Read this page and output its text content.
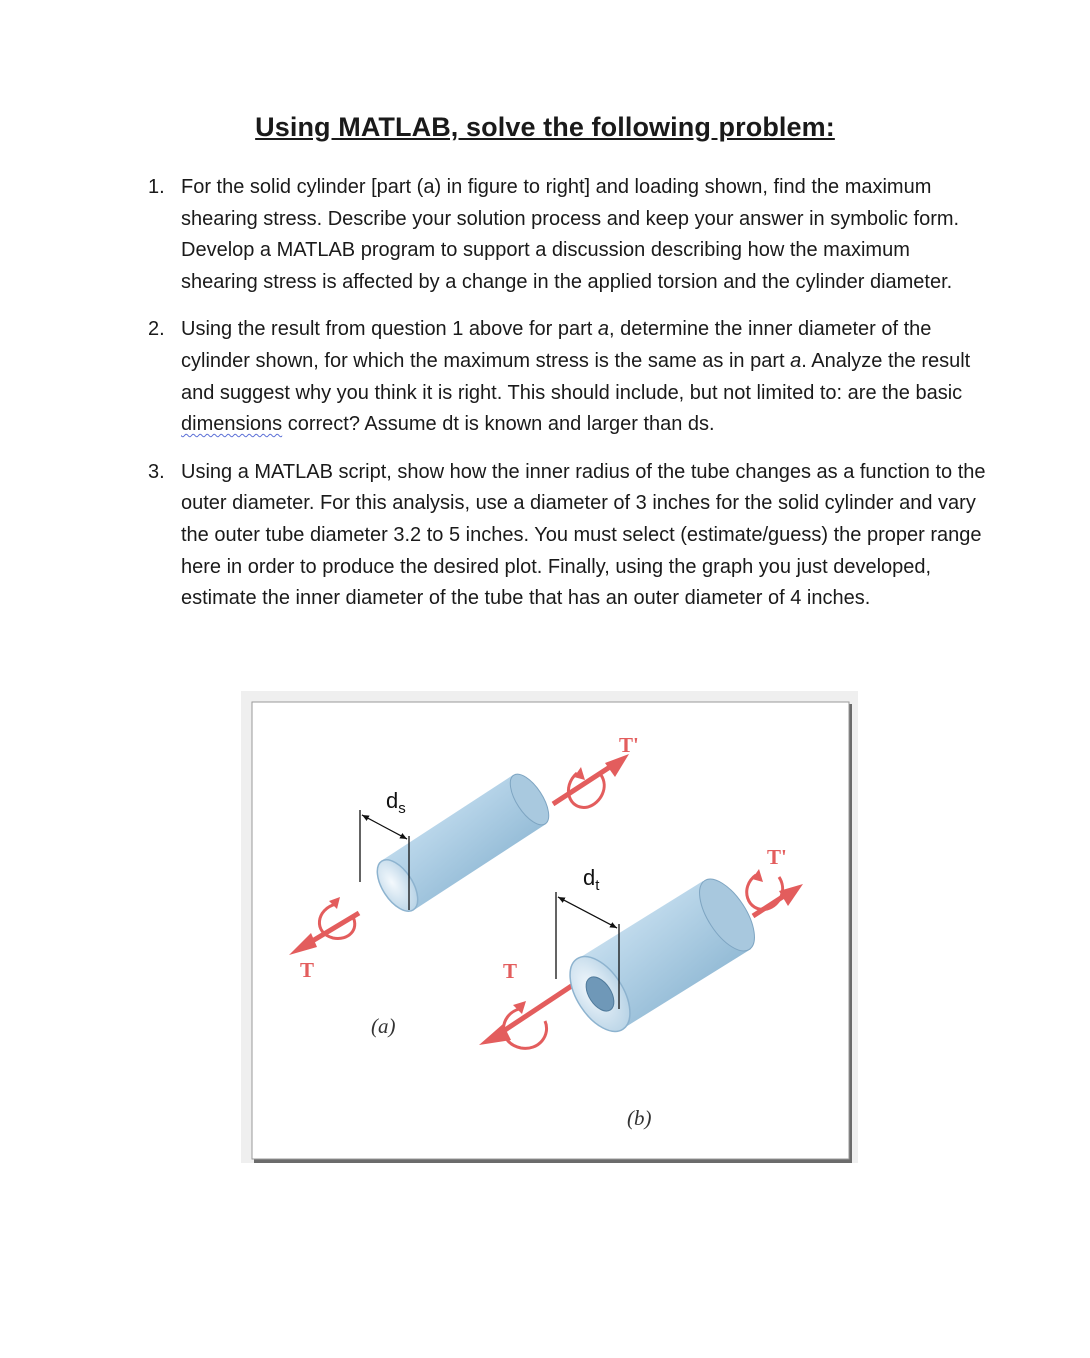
Using MATLAB, solve the following problem:
1. For the solid cylinder [part (a) in figure to right] and loading shown, find the maximum shearing stress. Describe your solution process and keep your answer in symbolic form. Develop a MATLAB program to support a discussion describing how the maximum shearing stress is affected by a change in the applied torsion and the cylinder diameter.
2. Using the result from question 1 above for part a, determine the inner diameter of the cylinder shown, for which the maximum stress is the same as in part a. Analyze the result and suggest why you think it is right. This should include, but not limited to: are the basic dimensions correct? Assume dt is known and larger than ds.
3. Using a MATLAB script, show how the inner radius of the tube changes as a function to the outer diameter. For this analysis, use a diameter of 3 inches for the solid cylinder and vary the outer tube diameter 3.2 to 5 inches. You must select (estimate/guess) the proper range here in order to produce the desired plot. Finally, using the graph you just developed, estimate the inner diameter of the tube that has an outer diameter of 4 inches.
$d_s$
T
T'
(a)
$d_t$
T
T'
(b)
